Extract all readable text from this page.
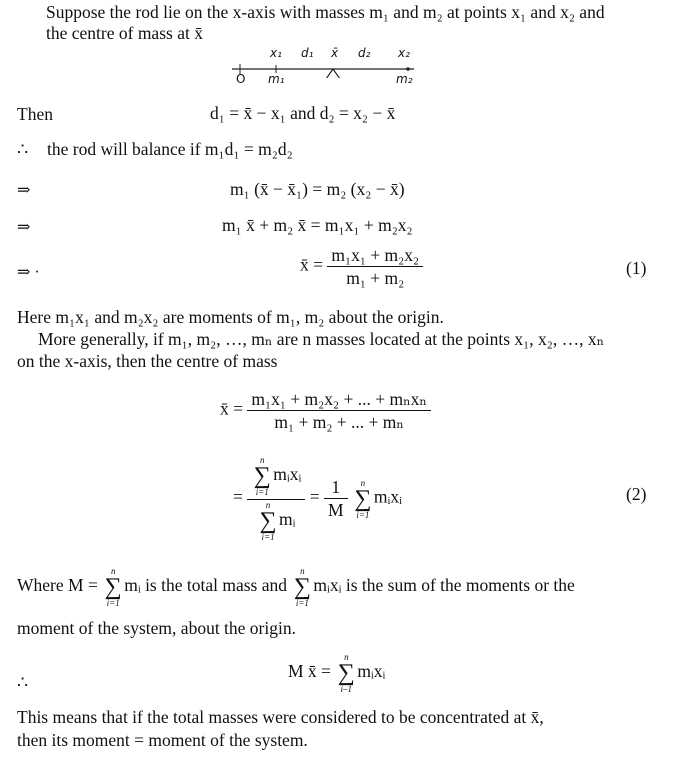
Suppose the rod lie on the x-axis with masses m₁ and m₂ at points x₁ and x₂ and
the centre of mass at x̄
x₁ d₁ x̄ d₂ x₂
O m₁	m₂
Then	d₁ = x̄ − x₁ and d₂ = x₂ − x̄
∴ the rod will balance if m₁d₁ = m₂d₂
⇒	m₁ (x̄ − x̄₁) = m₂ (x₂ − x̄)
⇒	m₁ x̄ + m₂ x̄ = m₁x₁ + m₂x₂
⇒ ·	x̄ = $\frac{\text{m₁x₁ + m₂x₂}}{\text{m₁ + m₂}}$	(1)
Here m₁x₁ and m₂x₂ are moments of m₁, m₂ about the origin.
More generally, if m₁, m₂, …, mₙ are n masses located at the points x₁, x₂, …, xₙ
on the x-axis, then the centre of mass
x̄ = $\frac{\text{m₁x₁ + m₂x₂ + ... + mₙxₙ}}{\text{m₁ + m₂ + ... + mₙ}}$
= n
∑
i=1
mᵢxᵢ
n
∑
i=1
mᵢ = $\frac{1}{M}$
	n
∑
i=1
mᵢxᵢ	(2)
Where M =
n
∑
i=1
mᵢ is the total mass and
n
∑
i=1
mᵢxᵢ is the sum of the moments or the
moment of the system, about the origin.
∴
M x̄ =
n
∑
i–1
mᵢxᵢ
This means that if the total masses were considered to be concentrated at x̄,
then its moment = moment of the system.
